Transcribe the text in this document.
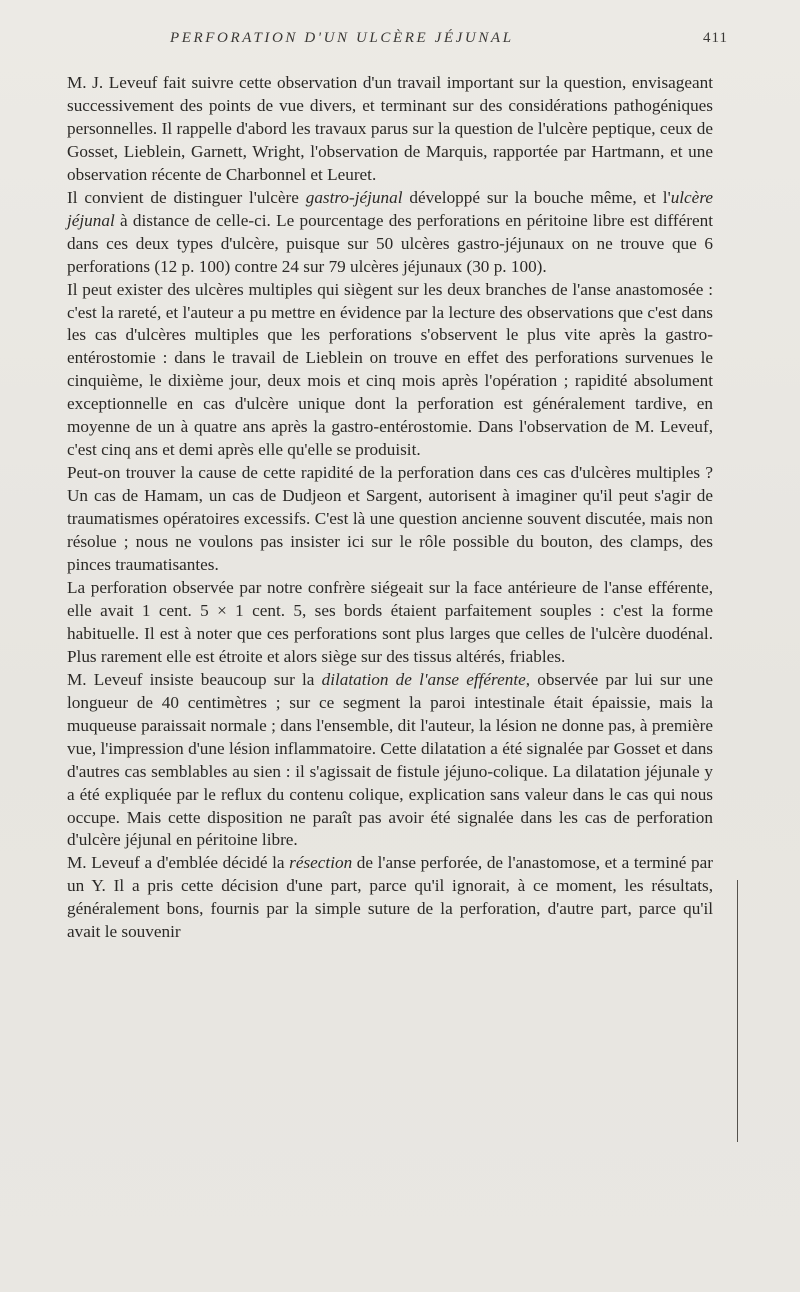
PERFORATION D'UN ULCÈRE JÉJUNAL	411

M. J. Leveuf fait suivre cette observation d'un travail important sur la question, envisageant successivement des points de vue divers, et terminant sur des considérations pathogéniques personnelles. Il rappelle d'abord les travaux parus sur la question de l'ulcère peptique, ceux de Gosset, Lieblein, Garnett, Wright, l'observation de Marquis, rapportée par Hartmann, et une observation récente de Charbonnel et Leuret.

Il convient de distinguer l'ulcère gastro-jéjunal développé sur la bouche même, et l'ulcère jéjunal à distance de celle-ci. Le pourcentage des perforations en péritoine libre est différent dans ces deux types d'ulcère, puisque sur 50 ulcères gastro-jéjunaux on ne trouve que 6 perforations (12 p. 100) contre 24 sur 79 ulcères jéjunaux (30 p. 100).

Il peut exister des ulcères multiples qui siègent sur les deux branches de l'anse anastomosée : c'est la rareté, et l'auteur a pu mettre en évidence par la lecture des observations que c'est dans les cas d'ulcères multiples que les perforations s'observent le plus vite après la gastro-entérostomie : dans le travail de Lieblein on trouve en effet des perforations survenues le cinquième, le dixième jour, deux mois et cinq mois après l'opération ; rapidité absolument exceptionnelle en cas d'ulcère unique dont la perforation est généralement tardive, en moyenne de un à quatre ans après la gastro-entérostomie. Dans l'observation de M. Leveuf, c'est cinq ans et demi après elle qu'elle se produisit.

Peut-on trouver la cause de cette rapidité de la perforation dans ces cas d'ulcères multiples ? Un cas de Hamam, un cas de Dudjeon et Sargent, autorisent à imaginer qu'il peut s'agir de traumatismes opératoires excessifs. C'est là une question ancienne souvent discutée, mais non résolue ; nous ne voulons pas insister ici sur le rôle possible du bouton, des clamps, des pinces traumatisantes.

La perforation observée par notre confrère siégeait sur la face antérieure de l'anse efférente, elle avait 1 cent. 5 × 1 cent. 5, ses bords étaient parfaitement souples : c'est la forme habituelle. Il est à noter que ces perforations sont plus larges que celles de l'ulcère duodénal. Plus rarement elle est étroite et alors siège sur des tissus altérés, friables.

M. Leveuf insiste beaucoup sur la dilatation de l'anse efférente, observée par lui sur une longueur de 40 centimètres ; sur ce segment la paroi intestinale était épaissie, mais la muqueuse paraissait normale ; dans l'ensemble, dit l'auteur, la lésion ne donne pas, à première vue, l'impression d'une lésion inflammatoire. Cette dilatation a été signalée par Gosset et dans d'autres cas semblables au sien : il s'agissait de fistule jéjuno-colique. La dilatation jéjunale y a été expliquée par le reflux du contenu colique, explication sans valeur dans le cas qui nous occupe. Mais cette disposition ne paraît pas avoir été signalée dans les cas de perforation d'ulcère jéjunal en péritoine libre.

M. Leveuf a d'emblée décidé la résection de l'anse perforée, de l'anastomose, et a terminé par un Y. Il a pris cette décision d'une part, parce qu'il ignorait, à ce moment, les résultats, généralement bons, fournis par la simple suture de la perforation, d'autre part, parce qu'il avait le souvenir
